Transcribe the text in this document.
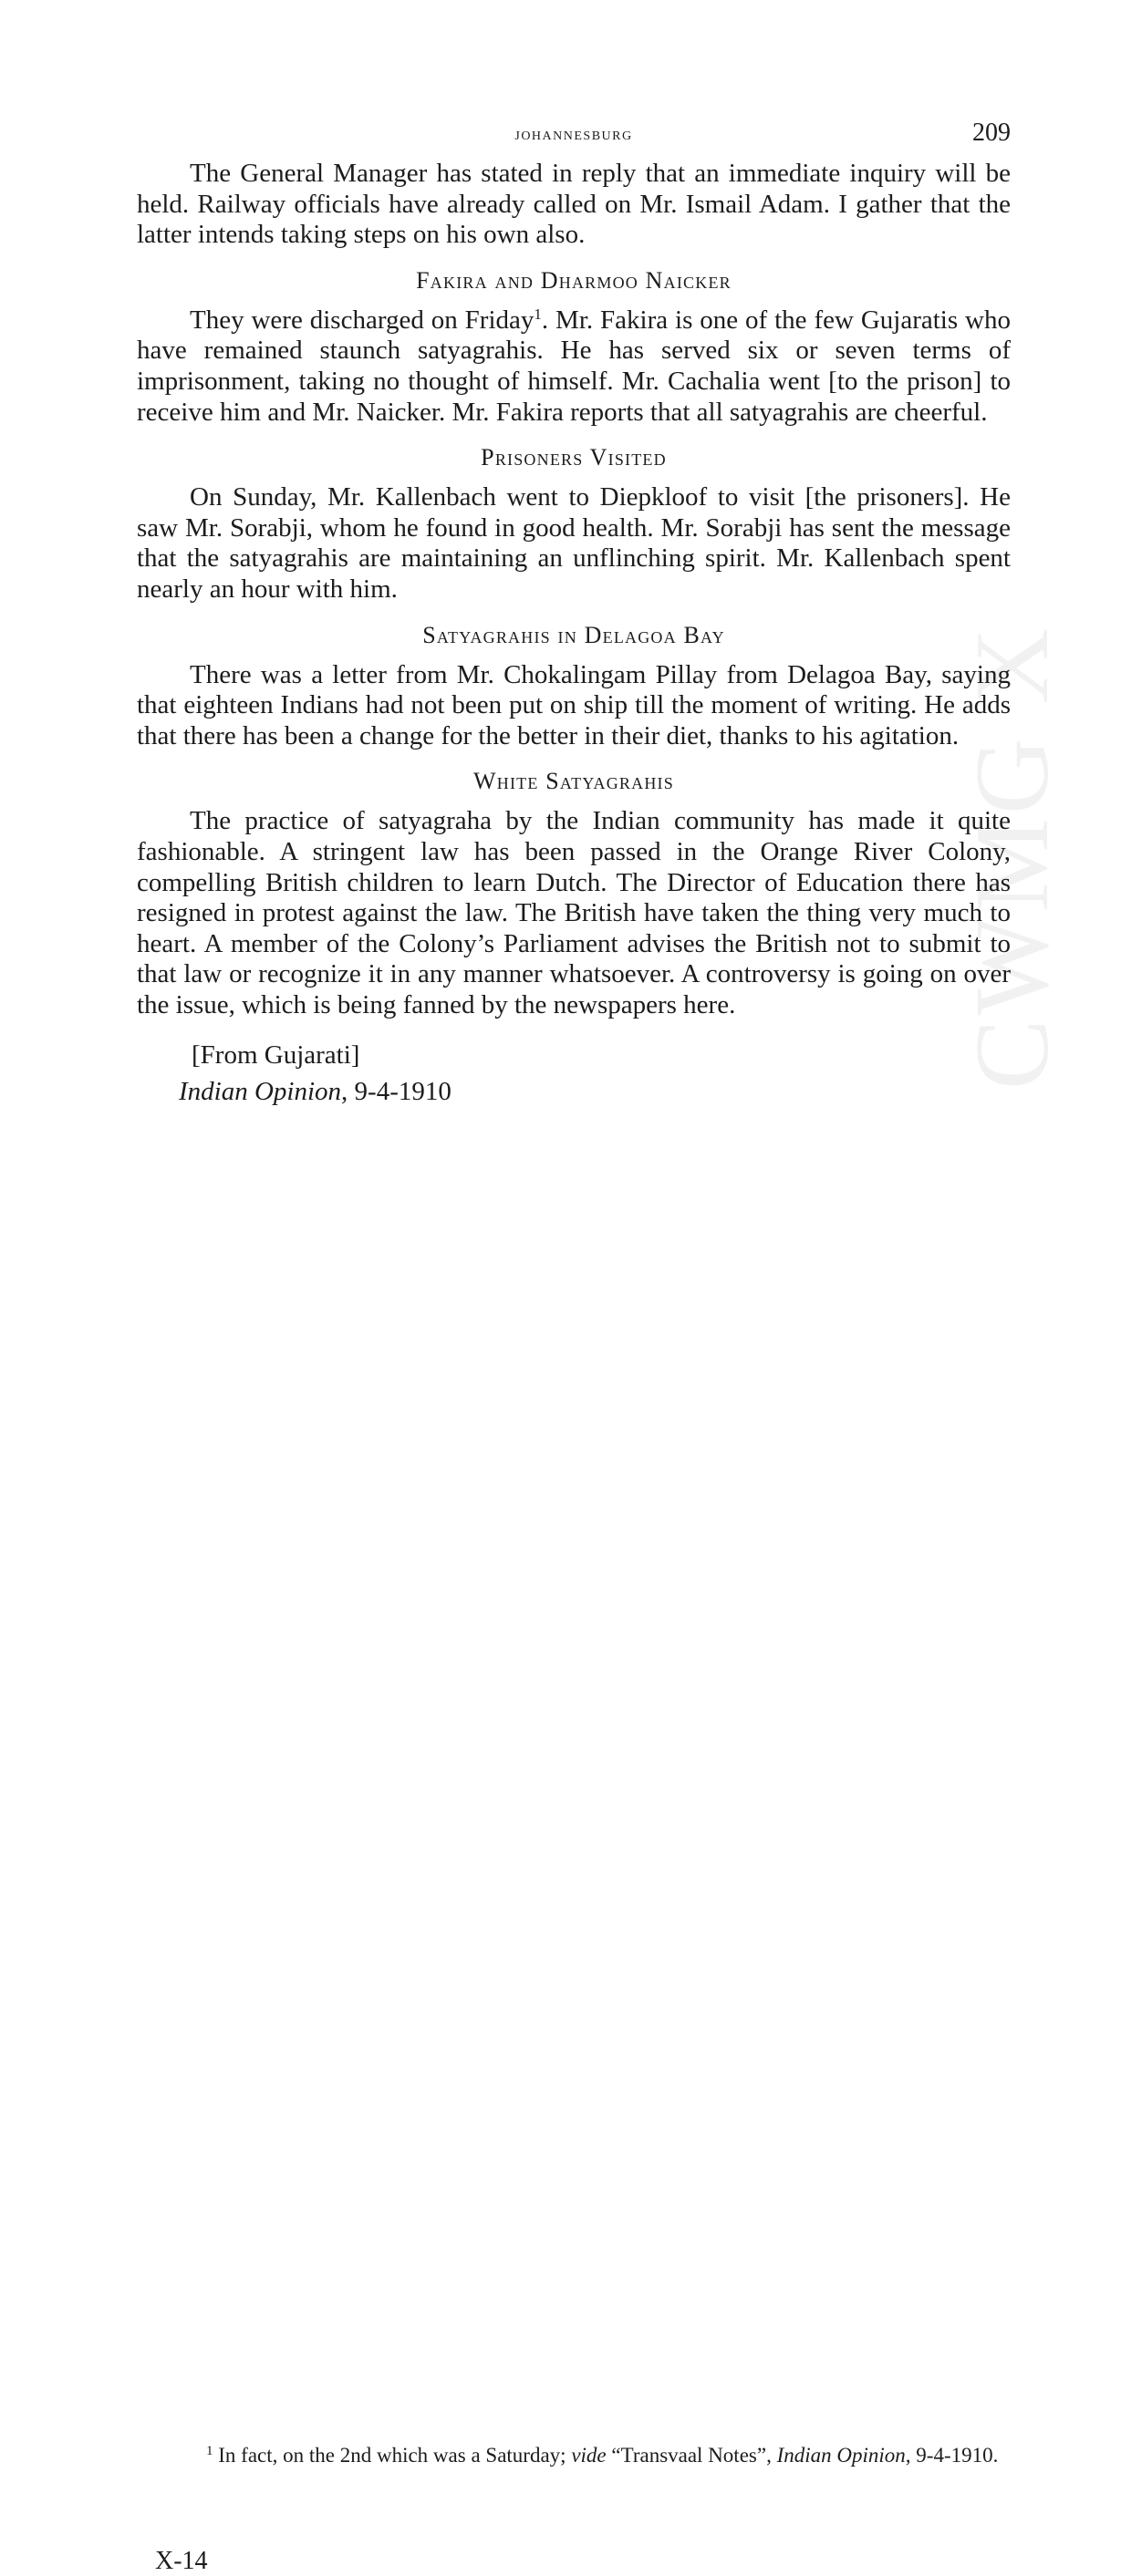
CWMG X
johannesburg	209

The General Manager has stated in reply that an immediate inquiry will be held. Railway officials have already called on Mr. Ismail Adam. I gather that the latter intends taking steps on his own also.

Fakira and Dharmoo Naicker

They were discharged on Friday$^1$. Mr. Fakira is one of the few Gujaratis who have remained staunch satyagrahis. He has served six or seven terms of imprisonment, taking no thought of himself. Mr. Cachalia went [to the prison] to receive him and Mr. Naicker. Mr. Fakira reports that all satyagrahis are cheerful.

Prisoners Visited

On Sunday, Mr. Kallenbach went to Diepkloof to visit [the prisoners]. He saw Mr. Sorabji, whom he found in good health. Mr. Sorabji has sent the message that the satyagrahis are maintaining an unflinching spirit. Mr. Kallenbach spent nearly an hour with him.

Satyagrahis in Delagoa Bay

There was a letter from Mr. Chokalingam Pillay from Delagoa Bay, saying that eighteen Indians had not been put on ship till the moment of writing. He adds that there has been a change for the better in their diet, thanks to his agitation.

White Satyagrahis

The practice of satyagraha by the Indian community has made it quite fashionable. A stringent law has been passed in the Orange River Colony, compelling British children to learn Dutch. The Director of Education there has resigned in protest against the law. The British have taken the thing very much to heart. A member of the Colony’s Parliament advises the British not to submit to that law or recognize it in any manner whatsoever. A controversy is going on over the issue, which is being fanned by the newspapers here.

[From Gujarati]
Indian Opinion, 9-4-1910
$^1$ In fact, on the 2nd which was a Saturday; vide “Transvaal Notes”, Indian Opinion, 9-4-1910.
X-14
